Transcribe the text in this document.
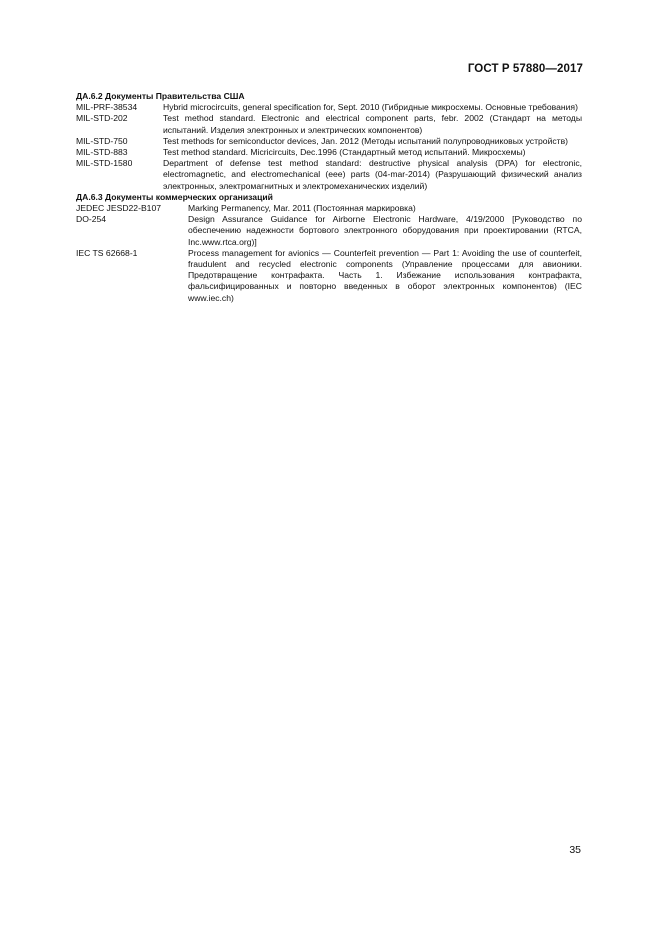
ГОСТ Р 57880—2017

ДА.6.2 Документы Правительства США

MIL-PRF-38534	Hybrid microcircuits, general specification for, Sept. 2010 (Гибридные микросхемы. Основные требования)
MIL-STD-202	Test method standard. Electronic and electrical component parts, febr. 2002 (Стандарт на методы испытаний. Изделия электронных и электрических компонентов)
MIL-STD-750	Test methods for semiconductor devices, Jan. 2012 (Методы испытаний полупроводниковых устройств)
MIL-STD-883	Test method standard. Micricircuits, Dec.1996 (Стандартный метод испытаний. Микросхемы)
MIL-STD-1580	Department of defense test method standard: destructive physical analysis (DPA) for electronic, electromagnetic, and electromechanical (eee) parts (04-mar-2014) (Разрушающий физический анализ электронных, электромагнитных и электромеханических изделий)

ДА.6.3 Документы коммерческих организаций

JEDEC JESD22-B107	Marking Permanency, Mar. 2011 (Постоянная маркировка)
DO-254	Design Assurance Guidance for Airborne Electronic Hardware, 4/19/2000 [Руководство по обеспечению надежности бортового электронного оборудования при проектировании (RTCA, Inc.www.rtca.org)]
IEC TS 62668-1	Process management for avionics — Counterfeit prevention — Part 1: Avoiding the use of counterfeit, fraudulent and recycled electronic components (Управление процессами для авионики. Предотвращение контрафакта. Часть 1. Избежание использования контрафакта, фальсифицированных и повторно введенных в оборот электронных компонентов) (IEC www.iec.ch)
35
